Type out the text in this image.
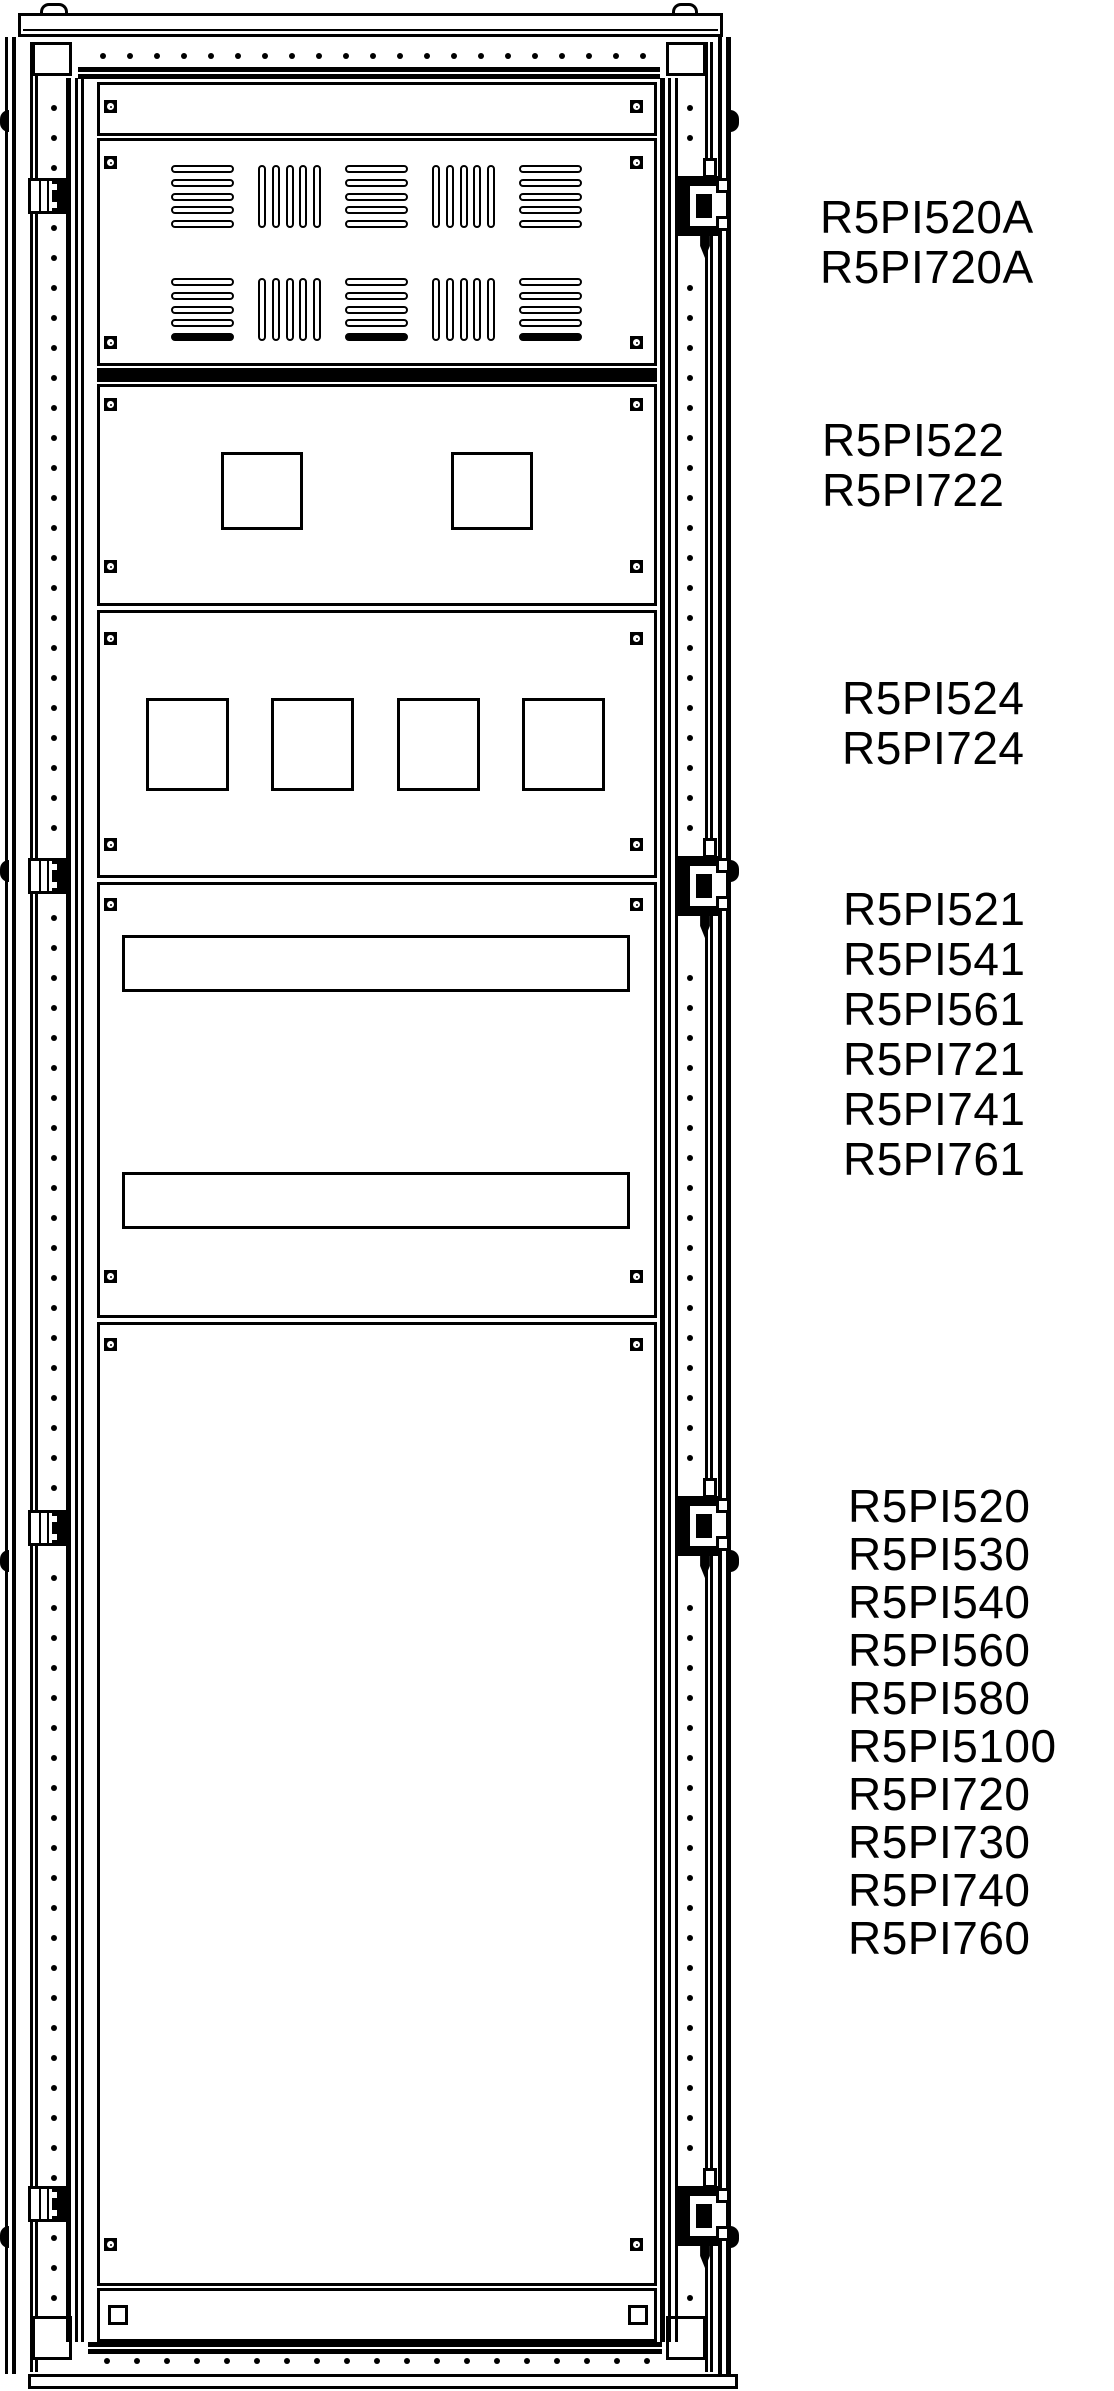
R5PI520A
R5PI720A
R5PI522
R5PI722
R5PI524
R5PI724
R5PI521
R5PI541
R5PI561
R5PI721
R5PI741
R5PI761
R5PI520
R5PI530
R5PI540
R5PI560
R5PI580
R5PI5100
R5PI720
R5PI730
R5PI740
R5PI760
